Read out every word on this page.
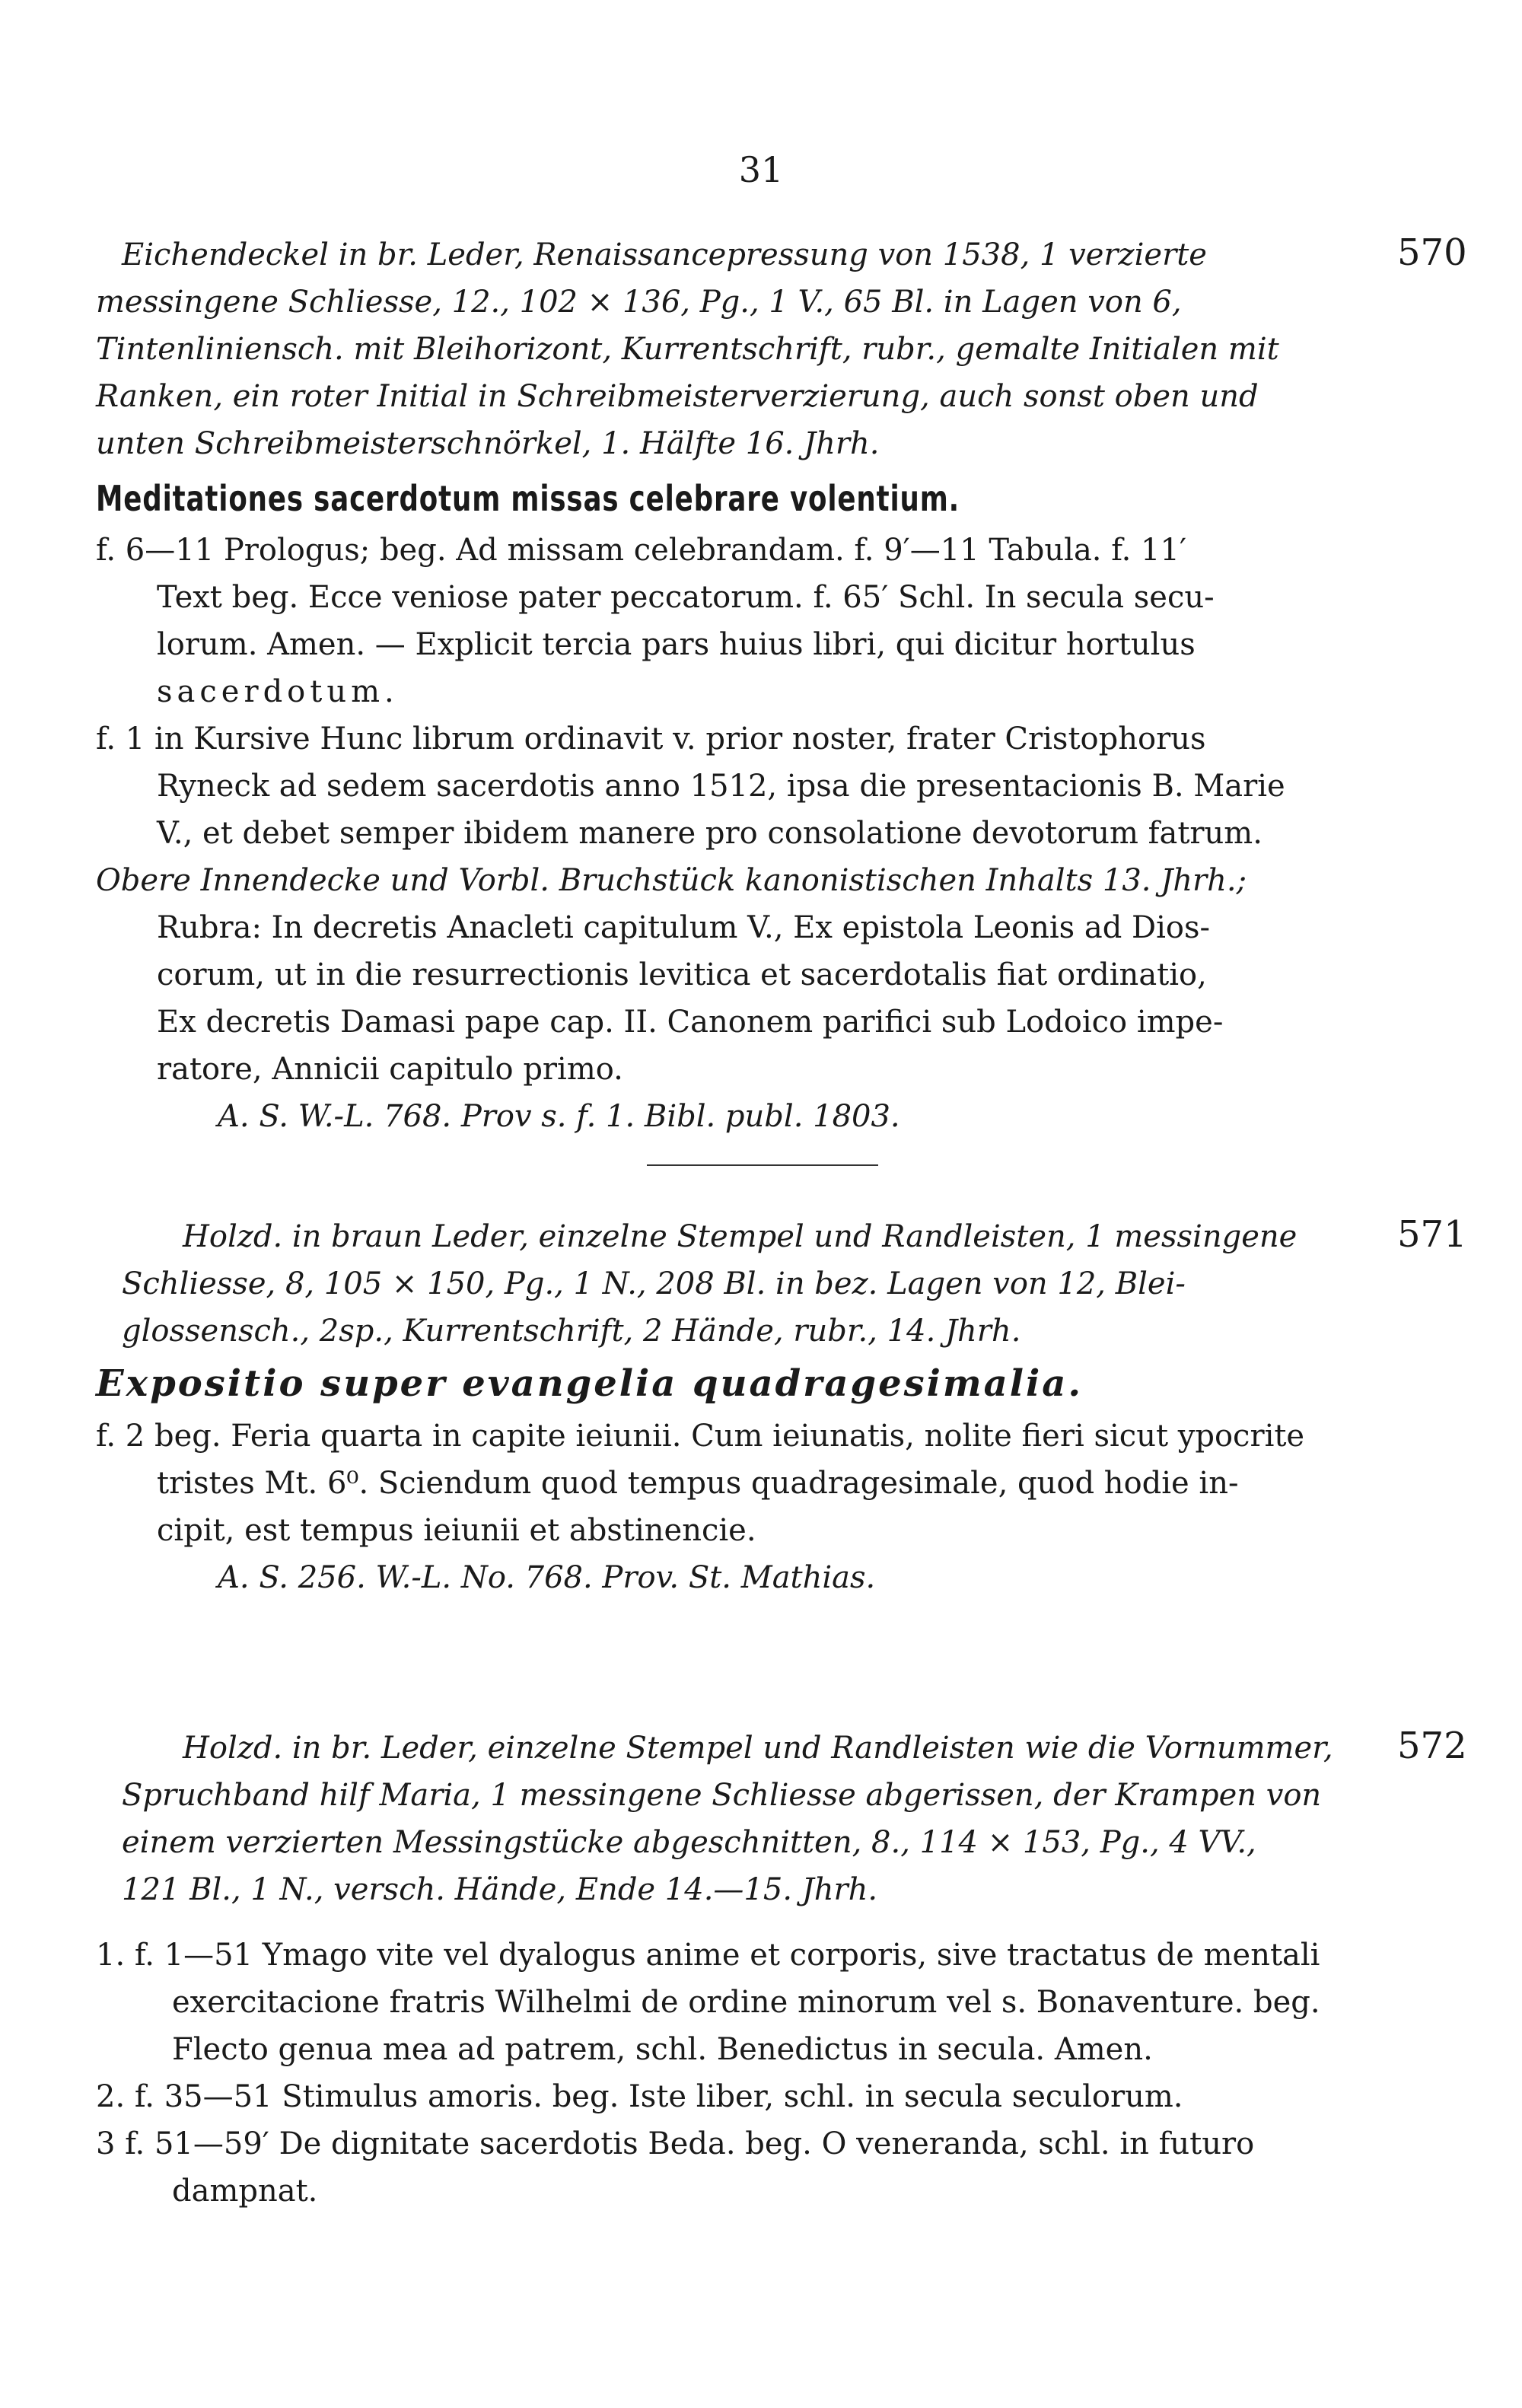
31
570
Eichendeckel in br. Leder, Renaissancepressung von 1538, 1 verzierte
messingene Schliesse, 12., 102 × 136, Pg., 1 V., 65 Bl. in Lagen von 6,
Tintenliniensch. mit Bleihorizont, Kurrentschrift, rubr., gemalte Initialen mit
Ranken, ein roter Initial in Schreibmeisterverzierung, auch sonst oben und
unten Schreibmeisterschnörkel, 1. Hälfte 16. Jhrh.
Meditationes sacerdotum missas celebrare volentium.

f. 6—11 Prologus; beg. Ad missam celebrandam. f. 9′—11 Tabula. f. 11′

Text beg. Ecce veniose pater peccatorum. f. 65′ Schl. In secula secu-

lorum. Amen. — Explicit tercia pars huius libri, qui dicitur hortulus

sacerdotum.

f. 1 in Kursive Hunc librum ordinavit v. prior noster, frater Cristophorus

Ryneck ad sedem sacerdotis anno 1512, ipsa die presentacionis B. Marie

V., et debet semper ibidem manere pro consolatione devotorum fatrum.

Obere Innendecke und Vorbl. Bruchstück kanonistischen Inhalts 13. Jhrh.;

Rubra: In decretis Anacleti capitulum V., Ex epistola Leonis ad Dios-

corum, ut in die resurrectionis levitica et sacerdotalis fiat ordinatio,

Ex decretis Damasi pape cap. II. Canonem parifici sub Lodoico impe-

ratore, Annicii capitulo primo.

A. S. W.-L. 768. Prov s. f. 1. Bibl. publ. 1803.

571
Holzd. in braun Leder, einzelne Stempel und Randleisten, 1 messingene
Schliesse, 8, 105 × 150, Pg., 1 N., 208 Bl. in bez. Lagen von 12, Blei-
glossensch., 2sp., Kurrentschrift, 2 Hände, rubr., 14. Jhrh.
Expositio super evangelia quadragesimalia.

f. 2 beg. Feria quarta in capite ieiunii. Cum ieiunatis, nolite fieri sicut ypocrite

tristes Mt. 6⁰. Sciendum quod tempus quadragesimale, quod hodie in-

cipit, est tempus ieiunii et abstinencie.

A. S. 256. W.-L. No. 768. Prov. St. Mathias.

572
Holzd. in br. Leder, einzelne Stempel und Randleisten wie die Vornummer,
Spruchband hilf Maria, 1 messingene Schliesse abgerissen, der Krampen von
einem verzierten Messingstücke abgeschnitten, 8., 114 × 153, Pg., 4 VV.,
121 Bl., 1 N., versch. Hände, Ende 14.—15. Jhrh.

1. f. 1—51 Ymago vite vel dyalogus anime et corporis, sive tractatus de mentali exercitacione fratris Wilhelmi de ordine minorum vel s. Bonaventure. beg. Flecto genua mea ad patrem, schl. Benedictus in secula. Amen.

2. f. 35—51 Stimulus amoris. beg. Iste liber, schl. in secula seculorum.

3 f. 51—59′ De dignitate sacerdotis Beda. beg. O veneranda, schl. in futuro dampnat.
